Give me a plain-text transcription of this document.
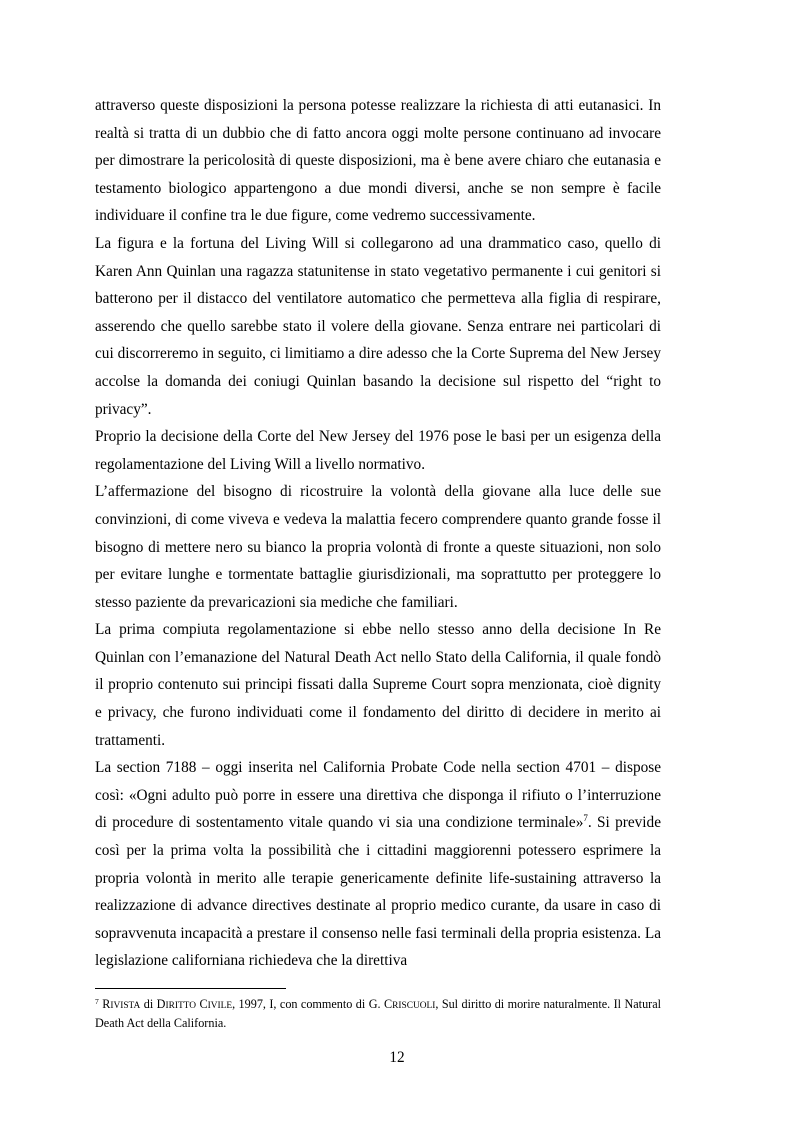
attraverso queste disposizioni la persona potesse realizzare la richiesta di atti eutanasici. In realtà si tratta di un dubbio che di fatto ancora oggi molte persone continuano ad invocare per dimostrare la pericolosità di queste disposizioni, ma è bene avere chiaro che eutanasia e testamento biologico appartengono a due mondi diversi, anche se non sempre è facile individuare il confine tra le due figure, come vedremo successivamente.

La figura e la fortuna del Living Will si collegarono ad una drammatico caso, quello di Karen Ann Quinlan una ragazza statunitense in stato vegetativo permanente i cui genitori si batterono per il distacco del ventilatore automatico che permetteva alla figlia di respirare, asserendo che quello sarebbe stato il volere della giovane. Senza entrare nei particolari di cui discorreremo in seguito, ci limitiamo a dire adesso che la Corte Suprema del New Jersey accolse la domanda dei coniugi Quinlan basando la decisione sul rispetto del “right to privacy”.

Proprio la decisione della Corte del New Jersey del 1976 pose le basi per un esigenza della regolamentazione del Living Will a livello normativo.

L’affermazione del bisogno di ricostruire la volontà della giovane alla luce delle sue convinzioni, di come viveva e vedeva la malattia fecero comprendere quanto grande fosse il bisogno di mettere nero su bianco la propria volontà di fronte a queste situazioni, non solo per evitare lunghe e tormentate battaglie giurisdizionali, ma soprattutto per proteggere lo stesso paziente da prevaricazioni sia mediche che familiari.

La prima compiuta regolamentazione si ebbe nello stesso anno della decisione In Re Quinlan con l’emanazione del Natural Death Act nello Stato della California, il quale fondò il proprio contenuto sui principi fissati dalla Supreme Court sopra menzionata, cioè dignity e privacy, che furono individuati come il fondamento del diritto di decidere in merito ai trattamenti.

La section 7188 – oggi inserita nel California Probate Code nella section 4701 – dispose così: «Ogni adulto può porre in essere una direttiva che disponga il rifiuto o l’interruzione di procedure di sostentamento vitale quando vi sia una condizione terminale»$^7$. Si previde così per la prima volta la possibilità che i cittadini maggiorenni potessero esprimere la propria volontà in merito alle terapie genericamente definite life-sustaining attraverso la realizzazione di advance directives destinate al proprio medico curante, da usare in caso di sopravvenuta incapacità a prestare il consenso nelle fasi terminali della propria esistenza. La legislazione californiana richiedeva che la direttiva

$^7$ RIVISTA di DIRITTO CIVILE, 1997, I, con commento di G. CRISCUOLI, Sul diritto di morire naturalmente. Il Natural Death Act della California.
12
